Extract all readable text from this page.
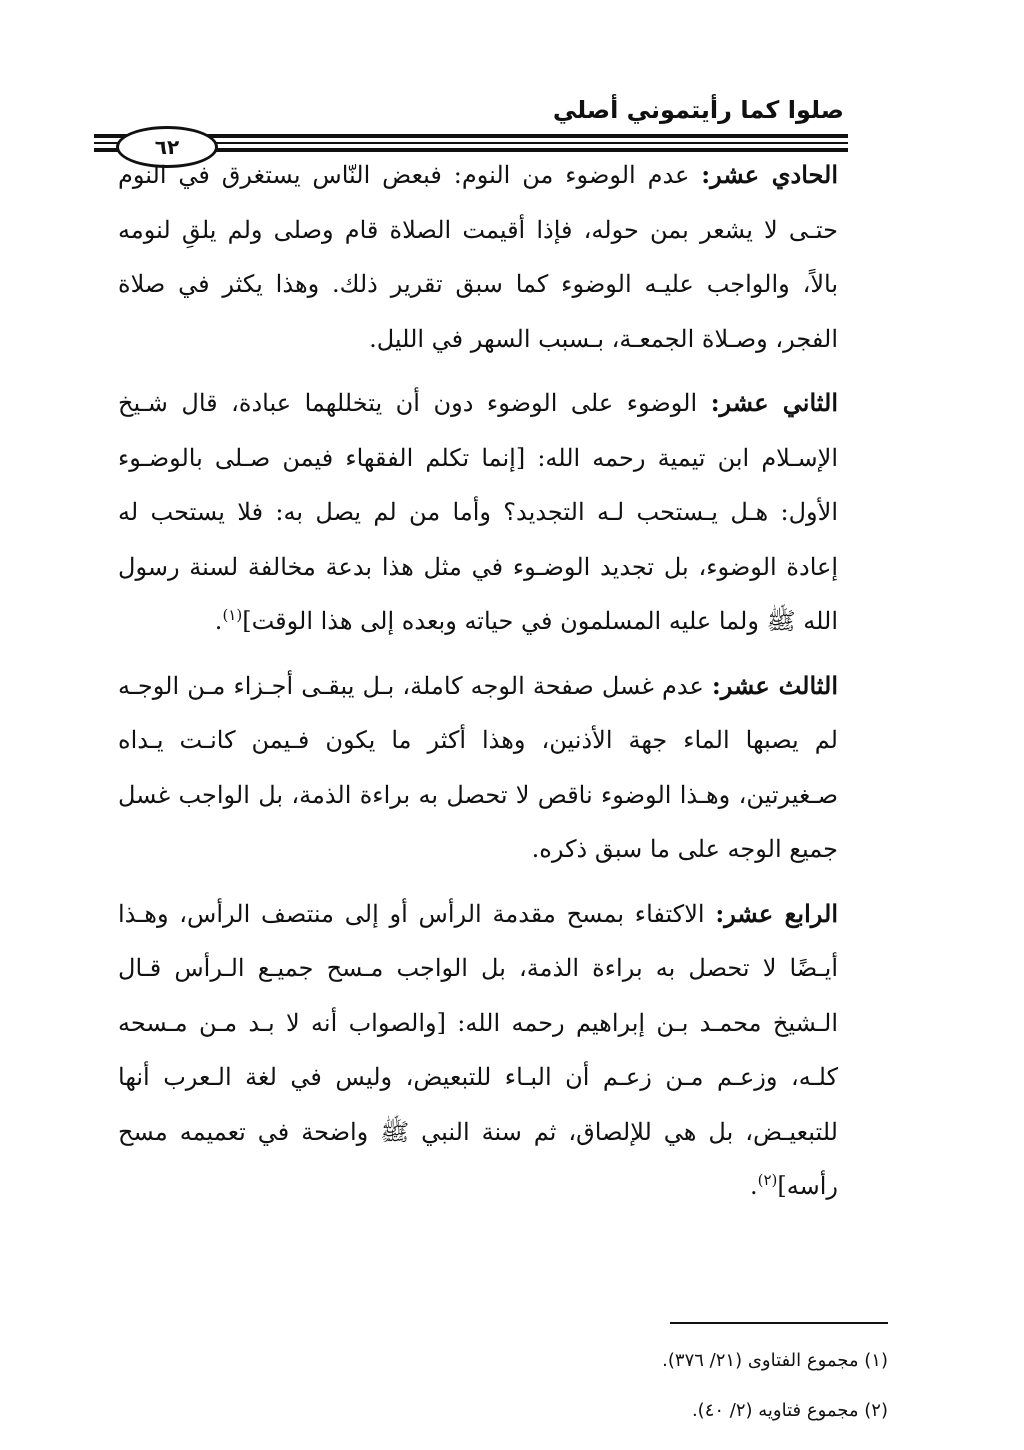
صلوا كما رأيتموني أصلي
٦٢

الحادي عشر: عدم الوضوء من النوم: فبعض النّاس يستغرق في النوم حتـى لا يشعر بمن حوله، فإذا أقيمت الصلاة قام وصلى ولم يلقِ لنومه بالاً، والواجب عليـه الوضوء كما سبق تقرير ذلك. وهذا يكثر في صلاة الفجر، وصـلاة الجمعـة، بـسبب السهر في الليل.

الثاني عشر: الوضوء على الوضوء دون أن يتخللهما عبادة، قال شـيخ الإسـلام ابن تيمية رحمه الله: [إنما تكلم الفقهاء فيمن صـلى بالوضـوء الأول: هـل يـستحب لـه التجديد؟ وأما من لم يصل به: فلا يستحب له إعادة الوضوء، بل تجديد الوضـوء في مثل هذا بدعة مخالفة لسنة رسول الله ﷺ ولما عليه المسلمون في حياته وبعده إلى هذا الوقت]$^{(١)}$.

الثالث عشر: عدم غسل صفحة الوجه كاملة، بـل يبقـى أجـزاء مـن الوجـه لم يصبها الماء جهة الأذنين، وهذا أكثر ما يكون فـيمن كانـت يـداه صـغيرتين، وهـذا الوضوء ناقص لا تحصل به براءة الذمة، بل الواجب غسل جميع الوجه على ما سبق ذكره.

الرابع عشر: الاكتفاء بمسح مقدمة الرأس أو إلى منتصف الرأس، وهـذا أيـضًا لا تحصل به براءة الذمة، بل الواجب مـسح جميـع الـرأس قـال الـشيخ محمـد بـن إبراهيم رحمه الله: [والصواب أنه لا بـد مـن مـسحه كلـه، وزعـم مـن زعـم أن البـاء للتبعيض، وليس في لغة الـعرب أنها للتبعيـض، بل هي للإلصاق، ثم سنة النبي ﷺ واضحة في تعميمه مسح رأسه]$^{(٢)}$.

(١) مجموع الفتاوى (٢١/ ٣٧٦).

(٢) مجموع فتاويه (٢/ ٤٠).
